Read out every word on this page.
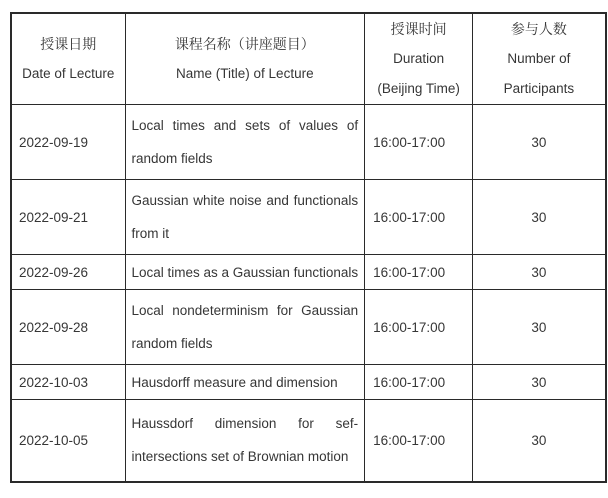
授课日期
Date of Lecture

课程名称（讲座题目）
Name (Title) of Lecture

授课时间
Duration
(Beijing Time)

参与人数
Number of
Participants

2022-09-19	Local times and sets of values of
random fields	16:00-17:00	30
2022-09-21	Gaussian white noise and functionals
from it	16:00-17:00	30
2022-09-26	Local times as a Gaussian functionals	16:00-17:00	30
2022-09-28	Local nondeterminism for Gaussian
random fields	16:00-17:00	30
2022-10-03	Hausdorff measure and dimension	16:00-17:00	30
2022-10-05	Haussdorf dimension for sef-
intersections set of Brownian motion	16:00-17:00	30
